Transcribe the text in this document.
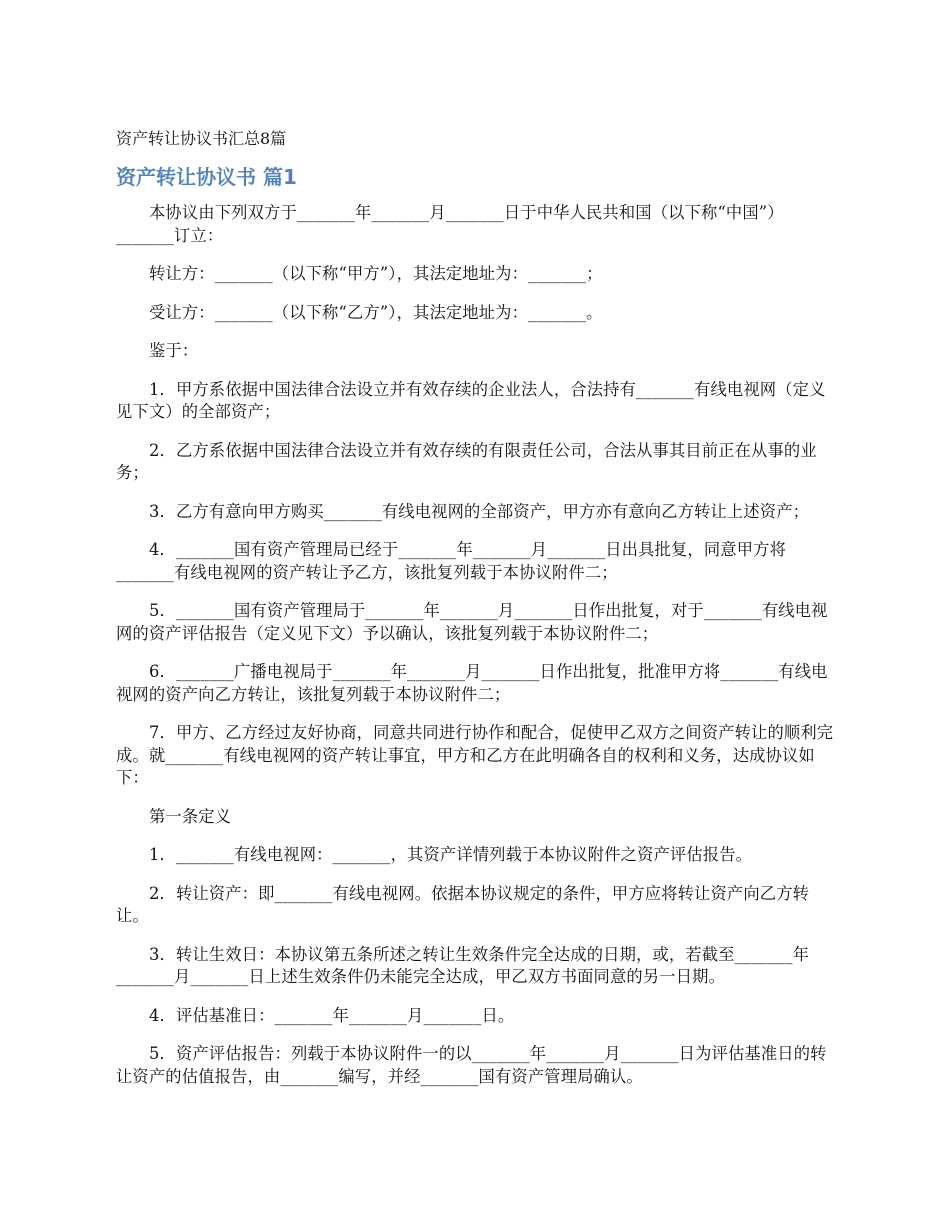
资产转让协议书汇总8篇
资产转让协议书 篇1

本协议由下列双方于_______年_______月_______日于中华人民共和国（以下称“中国”）_______订立：

转让方：_______（以下称“甲方”），其法定地址为：_______；

受让方：_______（以下称“乙方”），其法定地址为：_______。

鉴于：

1．甲方系依据中国法律合法设立并有效存续的企业法人，合法持有_______有线电视网（定义见下文）的全部资产；

2．乙方系依据中国法律合法设立并有效存续的有限责任公司，合法从事其目前正在从事的业务；

3．乙方有意向甲方购买_______有线电视网的全部资产，甲方亦有意向乙方转让上述资产；

4．_______国有资产管理局已经于_______年_______月_______日出具批复，同意甲方将_______有线电视网的资产转让予乙方，该批复列载于本协议附件二；

5．_______国有资产管理局于_______年_______月_______日作出批复，对于_______有线电视网的资产评估报告（定义见下文）予以确认，该批复列载于本协议附件二；

6．_______广播电视局于_______年_______月_______日作出批复，批准甲方将_______有线电视网的资产向乙方转让，该批复列载于本协议附件二；

7．甲方、乙方经过友好协商，同意共同进行协作和配合，促使甲乙双方之间资产转让的顺利完成。就_______有线电视网的资产转让事宜，甲方和乙方在此明确各自的权利和义务，达成协议如下：

第一条定义

1．_______有线电视网：_______，其资产详情列载于本协议附件之资产评估报告。

2．转让资产：即_______有线电视网。依据本协议规定的条件，甲方应将转让资产向乙方转让。

3．转让生效日：本协议第五条所述之转让生效条件完全达成的日期，或，若截至_______年_______月_______日上述生效条件仍未能完全达成，甲乙双方书面同意的另一日期。

4．评估基准日：_______年_______月_______日。

5．资产评估报告：列载于本协议附件一的以_______年_______月_______日为评估基准日的转让资产的估值报告，由_______编写，并经_______国有资产管理局确认。
